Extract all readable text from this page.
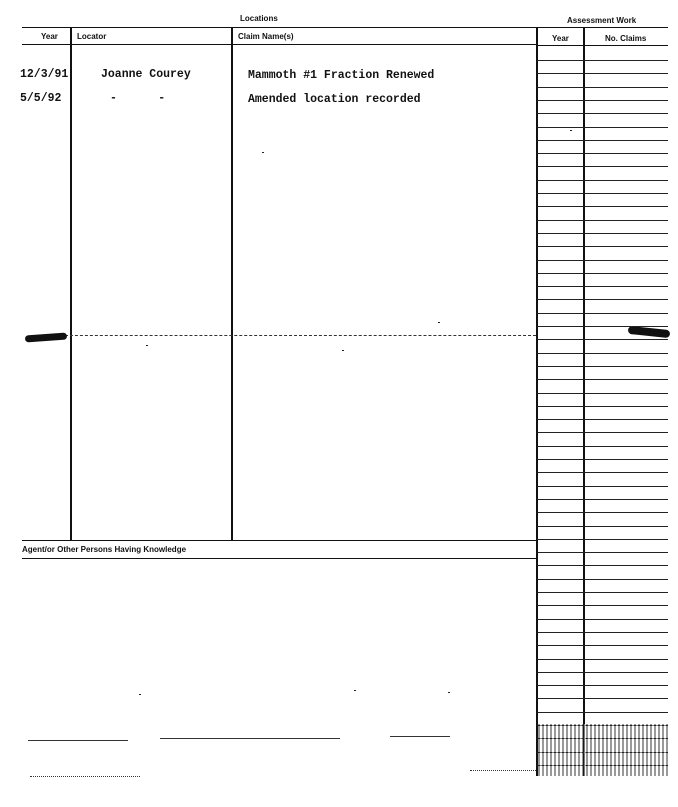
Locations	Assessment Work
Year Locator	Claim Name(s)	Year	No. Claims
Agent/or Other Persons Having Knowledge
12/3/91	Joanne Courey	Mammoth #1 Fraction Renewed
5/5/92	-      -	Amended location recorded
